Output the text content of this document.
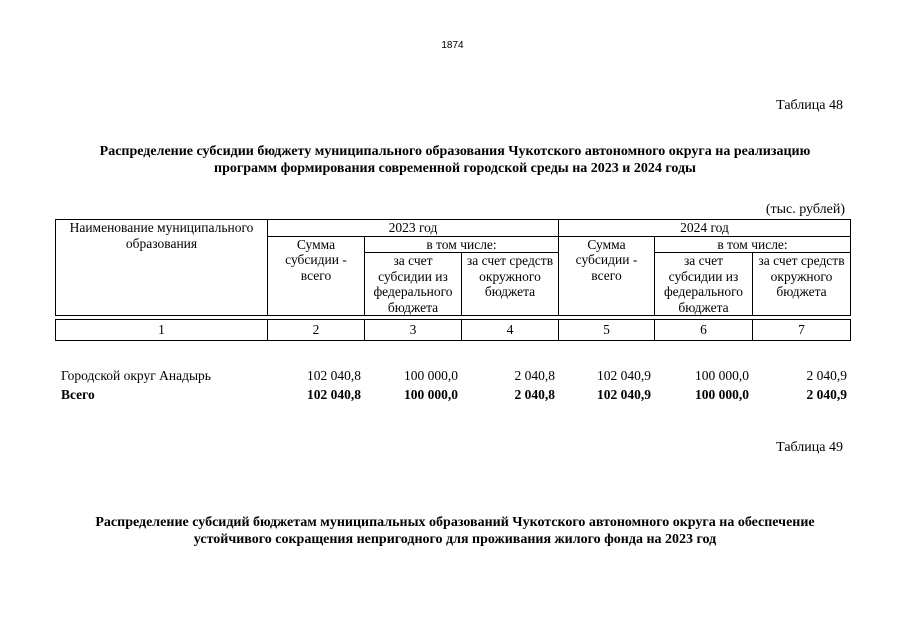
1874
Таблица 48
Распределение субсидии бюджету муниципального образования Чукотского автономного округа на реализацию
программ формирования современной городской среды на 2023 и 2024 годы
(тыс. рублей)
Наименование муниципального образования	2023 год			2024 год		
	Сумма субсидии - всего	в том числе:		Сумма субсидии - всего	в том числе:	
		за счет субсидии из федерального бюджета	за счет средств окружного бюджета		за счет субсидии из федерального бюджета	за счет средств окружного бюджета

1	2	3	4	5	6	7
Городской округ Анадырь	102 040,8	100 000,0	2 040,8	102 040,9	100 000,0	2 040,9
Всего	102 040,8	100 000,0	2 040,8	102 040,9	100 000,0	2 040,9
Таблица 49
Распределение субсидий бюджетам муниципальных образований Чукотского автономного округа на обеспечение
устойчивого сокращения непригодного для проживания жилого фонда на 2023 год
